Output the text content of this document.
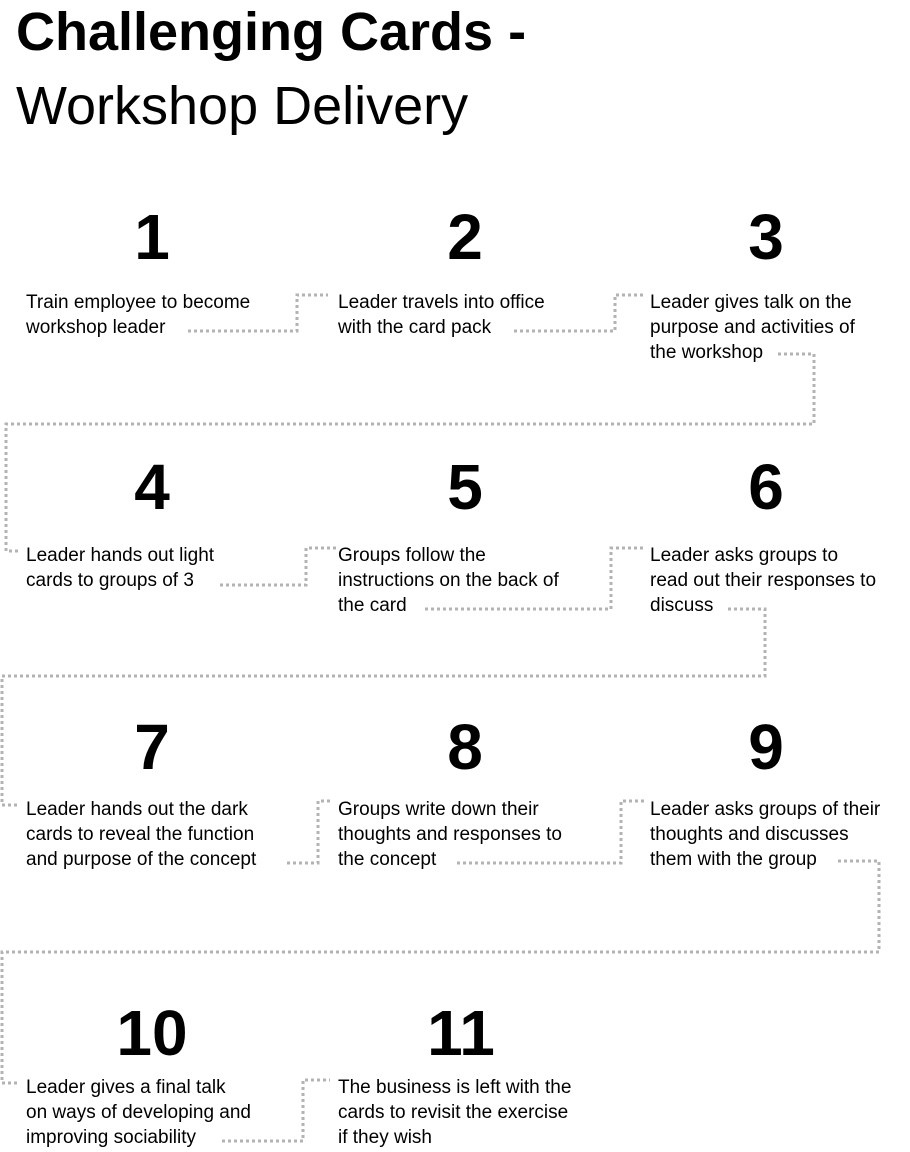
Challenging Cards -
Workshop Delivery
1
Train employee to become
workshop leader
2
Leader travels into office
with the card pack
3
Leader gives talk on the
purpose and activities of
the workshop
4
Leader hands out light
cards to groups of 3
5
Groups follow the
instructions on the back of
the card
6
Leader asks groups to
read out their responses to
discuss
7
Leader hands out the dark
cards to reveal the function
and purpose of the concept
8
Groups write down their
thoughts and responses to
the concept
9
Leader asks groups of their
thoughts and discusses
them with the group
10
Leader gives a final talk
on ways of developing and
improving sociability
11
The business is left with the
cards to revisit the exercise
if they wish
